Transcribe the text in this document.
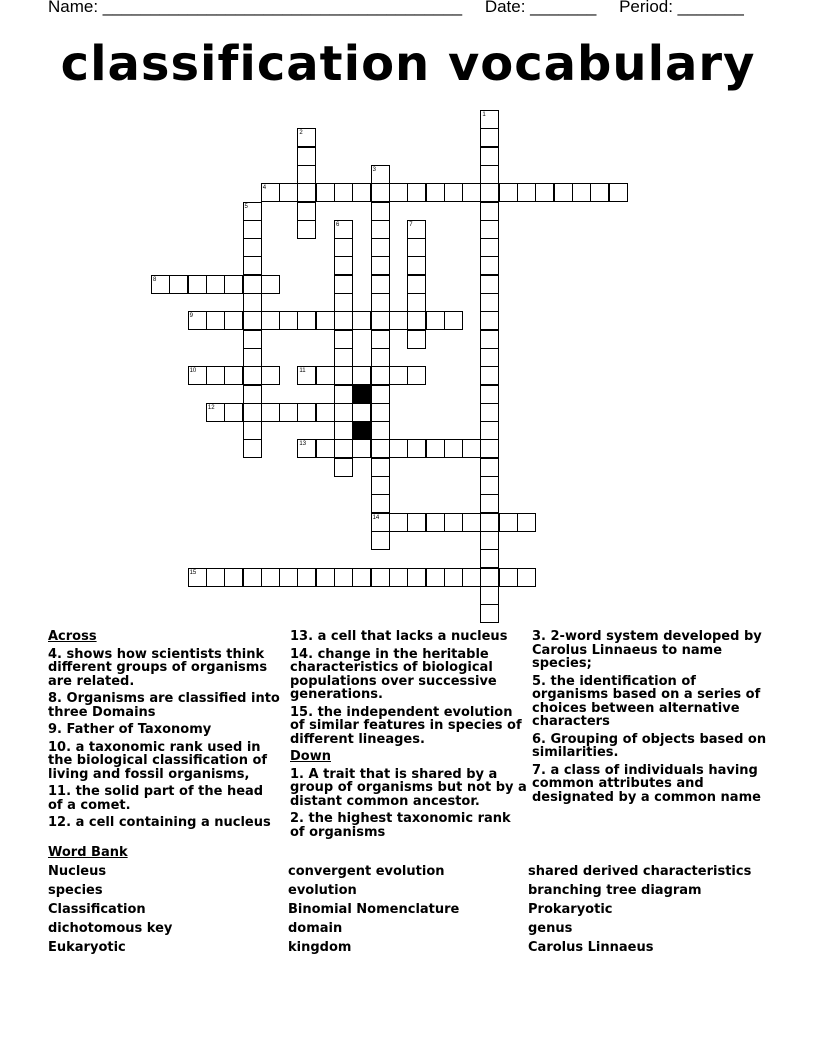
Name: ______________________________________ Date: _______ Period: _______
classification vocabulary
1
2
3
14
4
5
6	7
8
9
10	11
12
13
15
Across
4. shows how scientists think different groups of organisms are related.
8. Organisms are classified into three Domains
9. Father of Taxonomy
10. a taxonomic rank used in the biological classification of living and fossil organisms,
11. the solid part of the head of a comet.
12. a cell containing a nucleus
13. a cell that lacks a nucleus
14. change in the heritable characteristics of biological populations over successive generations.
15. the independent evolution of similar features in species of different lineages.
Down
1. A trait that is shared by a group of organisms but not by a distant common ancestor.
2. the highest taxonomic rank of organisms
3. 2-word system developed by Carolus Linnaeus to name species;
5. the identification of organisms based on a series of choices between alternative characters
6. Grouping of objects based on similarities.
7. a class of individuals having common attributes and designated by a common name
Word Bank
Nucleus
species
Classification
dichotomous key
Eukaryotic
convergent evolution
evolution
Binomial Nomenclature
domain
kingdom
shared derived characteristics
branching tree diagram
Prokaryotic
genus
Carolus Linnaeus
